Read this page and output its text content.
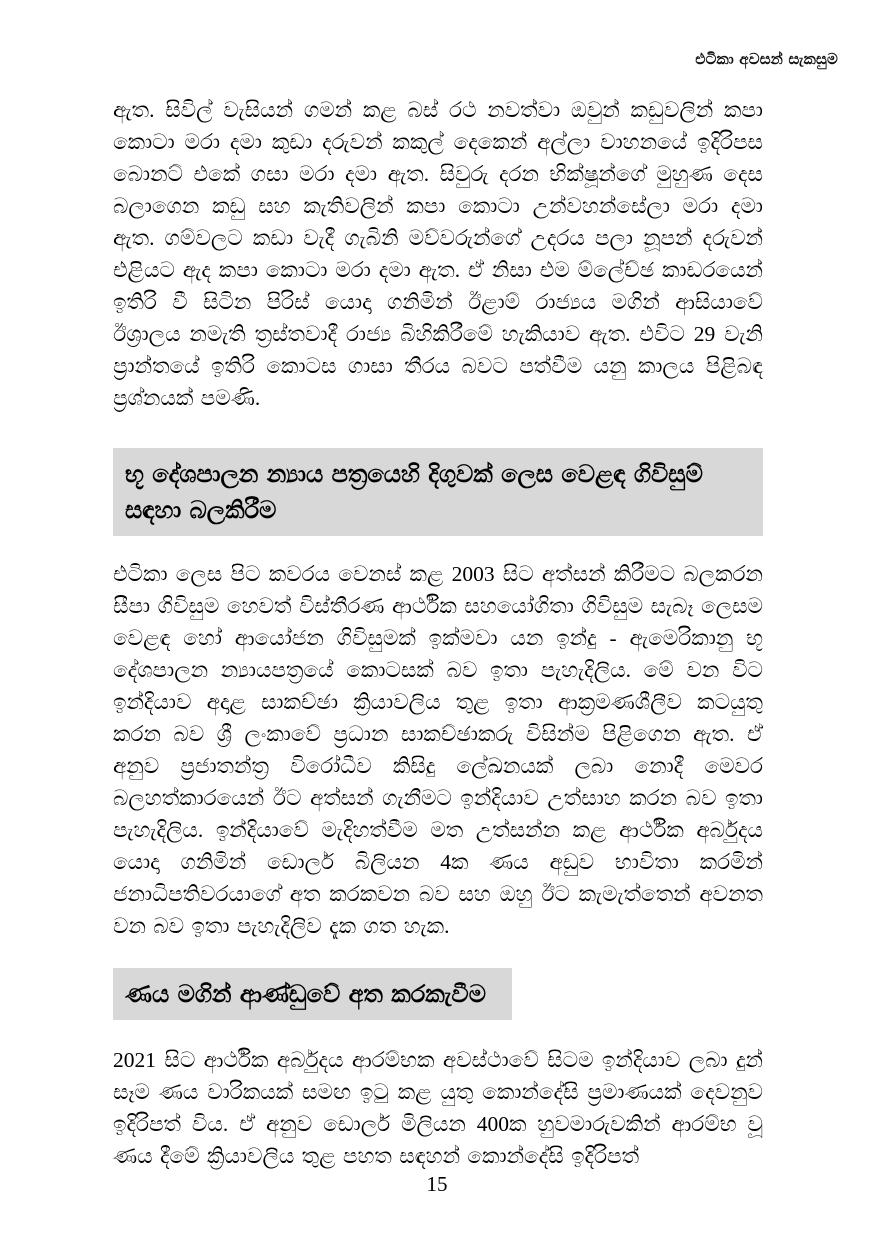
එටිකා අවසන් සැකසුම

ඇත. සිවිල් වැසියන් ගමන් කළ බස් රථ නවත්වා ඔවුන් කඩුවලින් කපා කොටා මරා දමා කුඩා දරුවන් කකුල් දෙකෙන් අල්ලා වාහනයේ ඉදිරිපස බොනට් එකේ ගසා මරා දමා ඇත. සිවුරු දරන භික්ෂූන්ගේ මුහුණ දෙස බලාගෙන කඩු සහ කැතිවලින් කපා කොටා උන්වහන්සේලා මරා දමා ඇත. ගම්වලට කඩා වැදී ගැබිනි මව්වරුන්ගේ උදරය පලා නූපන් දරුවන් එළියට ඇද කපා කොටා මරා දමා ඇත. ඒ නිසා එම ම්ලේච්ඡ කාඩරයෙන් ඉතිරි වී සිටින පිරිස් යොදා ගනිමින් ඊළාම් රාජ්‍යය මගින් ආසියාවේ ඊශ්‍රාලය නමැති ත්‍රස්තවාදී රාජ්‍ය බිහිකිරීමේ හැකියාව ඇත. එවිට 29 වැනි ප්‍රාන්තයේ ඉතිරි කොටස ගාසා තීරය බවට පත්වීම යනු කාලය පිළිබඳ ප්‍රශ්නයක් පමණි.

භූ දේශපාලන න්‍යාය පත්‍රයෙහි දිගුවක් ලෙස වෙළඳ ගිවිසුම් සඳහා බලකිරීම

එටිකා ලෙස පිට කවරය වෙනස් කළ 2003 සිට අත්සන් කිරීමට බලකරන සීපා ගිවිසුම හෙවත් විස්තීරණ ආර්ථික සහයෝගිතා ගිවිසුම සැබෑ ලෙසම වෙළඳ හෝ ආයෝජන ගිවිසුමක් ඉක්මවා යන ඉන්දු - ඇමෙරිකානු භූ දේශපාලන න්‍යායපත්‍රයේ කොටසක් බව ඉතා පැහැදිලිය. මේ වන විට ඉන්දියාව අදාළ සාකච්ඡා ක්‍රියාවලිය තුළ ඉතා ආක්‍රමණශීලීව කටයුතු කරන බව ශ්‍රී ලංකාවේ ප්‍රධාන සාකච්ඡාකරු විසින්ම පිළිගෙන ඇත. ඒ අනුව ප්‍රජාතන්ත්‍ර විරෝධීව කිසිදු ලේඛනයක් ලබා නොදී මෙවර බලහත්කාරයෙන් ඊට අත්සන් ගැනීමට ඉන්දියාව උත්සාහ කරන බව ඉතා පැහැදිලිය. ඉන්දියාවේ මැදිහත්වීම මත උත්සන්න කළ ආර්ථික අර්බුදය යොදා ගනිමින් ඩොලර් බිලියන 4ක ණය අඩුව භාවිතා කරමින් ජනාධිපතිවරයාගේ අත කරකවන බව සහ ඔහු ඊට කැමැත්තෙන් අවනත වන බව ඉතා පැහැදිලිව දැක ගත හැක.

ණය මගින් ආණ්ඩුවේ අත කරකැවීම

2021 සිට ආර්ථික අර්බුදය ආරම්භක අවස්ථාවේ සිටම ඉන්දියාව ලබා දුන් සෑම ණය වාරිකයක් සමඟ ඉටු කළ යුතු කොන්දේසි ප්‍රමාණයක් දෙවනුව ඉදිරිපත් විය. ඒ අනුව ඩොලර් මිලියන 400ක හුවමාරුවකින් ආරම්භ වූ ණය දීමේ ක්‍රියාවලිය තුළ පහත සඳහන් කොන්දේසි ඉදිරිපත්

15
